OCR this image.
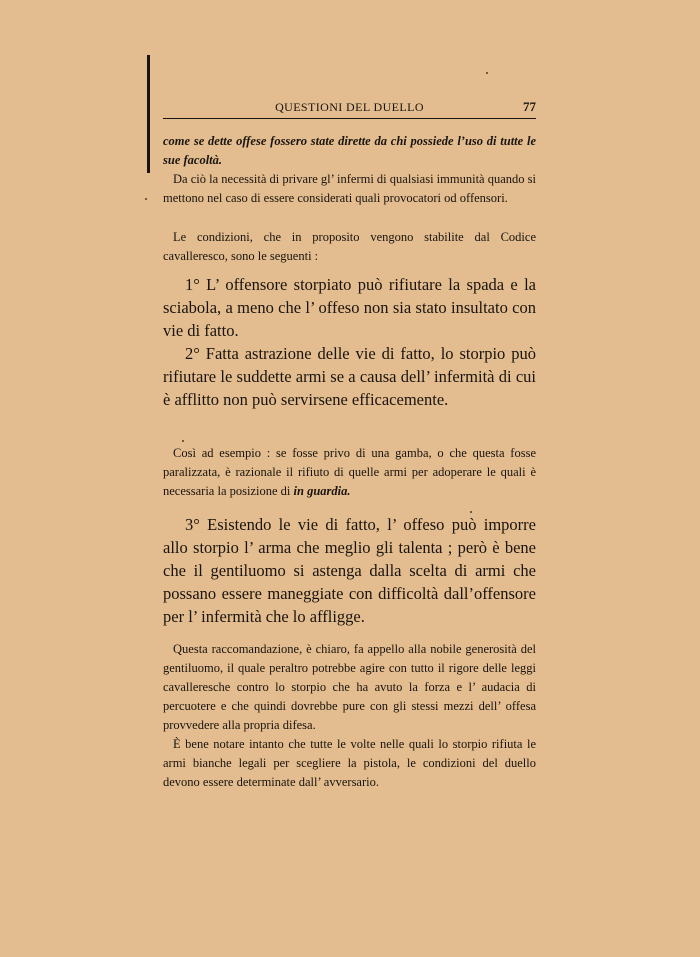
QUESTIONI DEL DUELLO	77

come se dette offese fossero state dirette da chi possiede l’uso di tutte le sue facoltà.

Da ciò la necessità di privare gl’ infermi di qualsiasi immunità quando si mettono nel caso di essere considerati quali provocatori od offensori.

Le condizioni, che in proposito vengono stabilite dal Codice cavalleresco, sono le seguenti :

1° L’ offensore storpiato può rifiutare la spada e la sciabola, a meno che l’ offeso non sia stato insultato con vie di fatto.

2° Fatta astrazione delle vie di fatto, lo storpio può rifiutare le suddette armi se a causa dell’ infermità di cui è afflitto non può servirsene efficacemente.

Così ad esempio : se fosse privo di una gamba, o che questa fosse paralizzata, è razionale il rifiuto di quelle armi per adoperare le quali è necessaria la posizione di in guardia.

3° Esistendo le vie di fatto, l’ offeso può imporre allo storpio l’ arma che meglio gli talenta ; però è bene che il gentiluomo si astenga dalla scelta di armi che possano essere maneggiate con difficoltà dall’offensore per l’ infermità che lo affligge.

Questa raccomandazione, è chiaro, fa appello alla nobile generosità del gentiluomo, il quale peraltro potrebbe agire con tutto il rigore delle leggi cavalleresche contro lo storpio che ha avuto la forza e l’ audacia di percuotere e che quindi dovrebbe pure con gli stessi mezzi dell’ offesa provvedere alla propria difesa.

È bene notare intanto che tutte le volte nelle quali lo storpio rifiuta le armi bianche legali per scegliere la pistola, le condizioni del duello devono essere determinate dall’ avversario.
